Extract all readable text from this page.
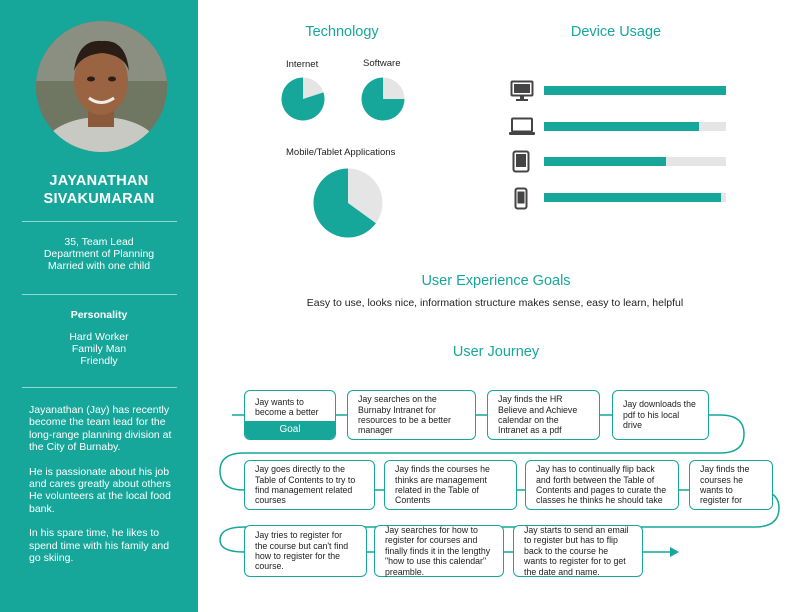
JAYANATHAN
SIVAKUMARAN
35, Team Lead
Department of Planning
Married with one child
Personality
Hard Worker
Family Man
Friendly

Jayanathan (Jay) has recently become the team lead for the long-range planning division at the City of Burnaby.

He is passionate about his job and cares greatly about others He volunteers at the local food bank.

In his spare time, he likes to spend time with his family and go skiing.

Technology
Internet	Software
Mobile/Tablet Applications
Device Usage
User Experience Goals
Easy to use, looks nice, information structure makes sense, easy to learn, helpful
User Journey
Jay wants to become a better
Goal
Jay searches on the Burnaby Intranet for resources to be a better manager
Jay finds the HR Believe and Achieve calendar on the Intranet as a pdf
Jay downloads the pdf to his local drive
Jay goes directly to the Table of Contents to try to find management related courses
Jay finds the courses he thinks are management related in the Table of Contents
Jay has to continually flip back and forth between the Table of Contents and pages to curate the classes he thinks he should take
Jay finds the courses he wants to register for
Jay tries to register for the course but can't find how to register for the course.
Jay searches for how to register for courses and finally finds it in the lengthy "how to use this calendar" preamble.
Jay starts to send an email to register but has to flip back to the course he wants to register for to get the date and name.
